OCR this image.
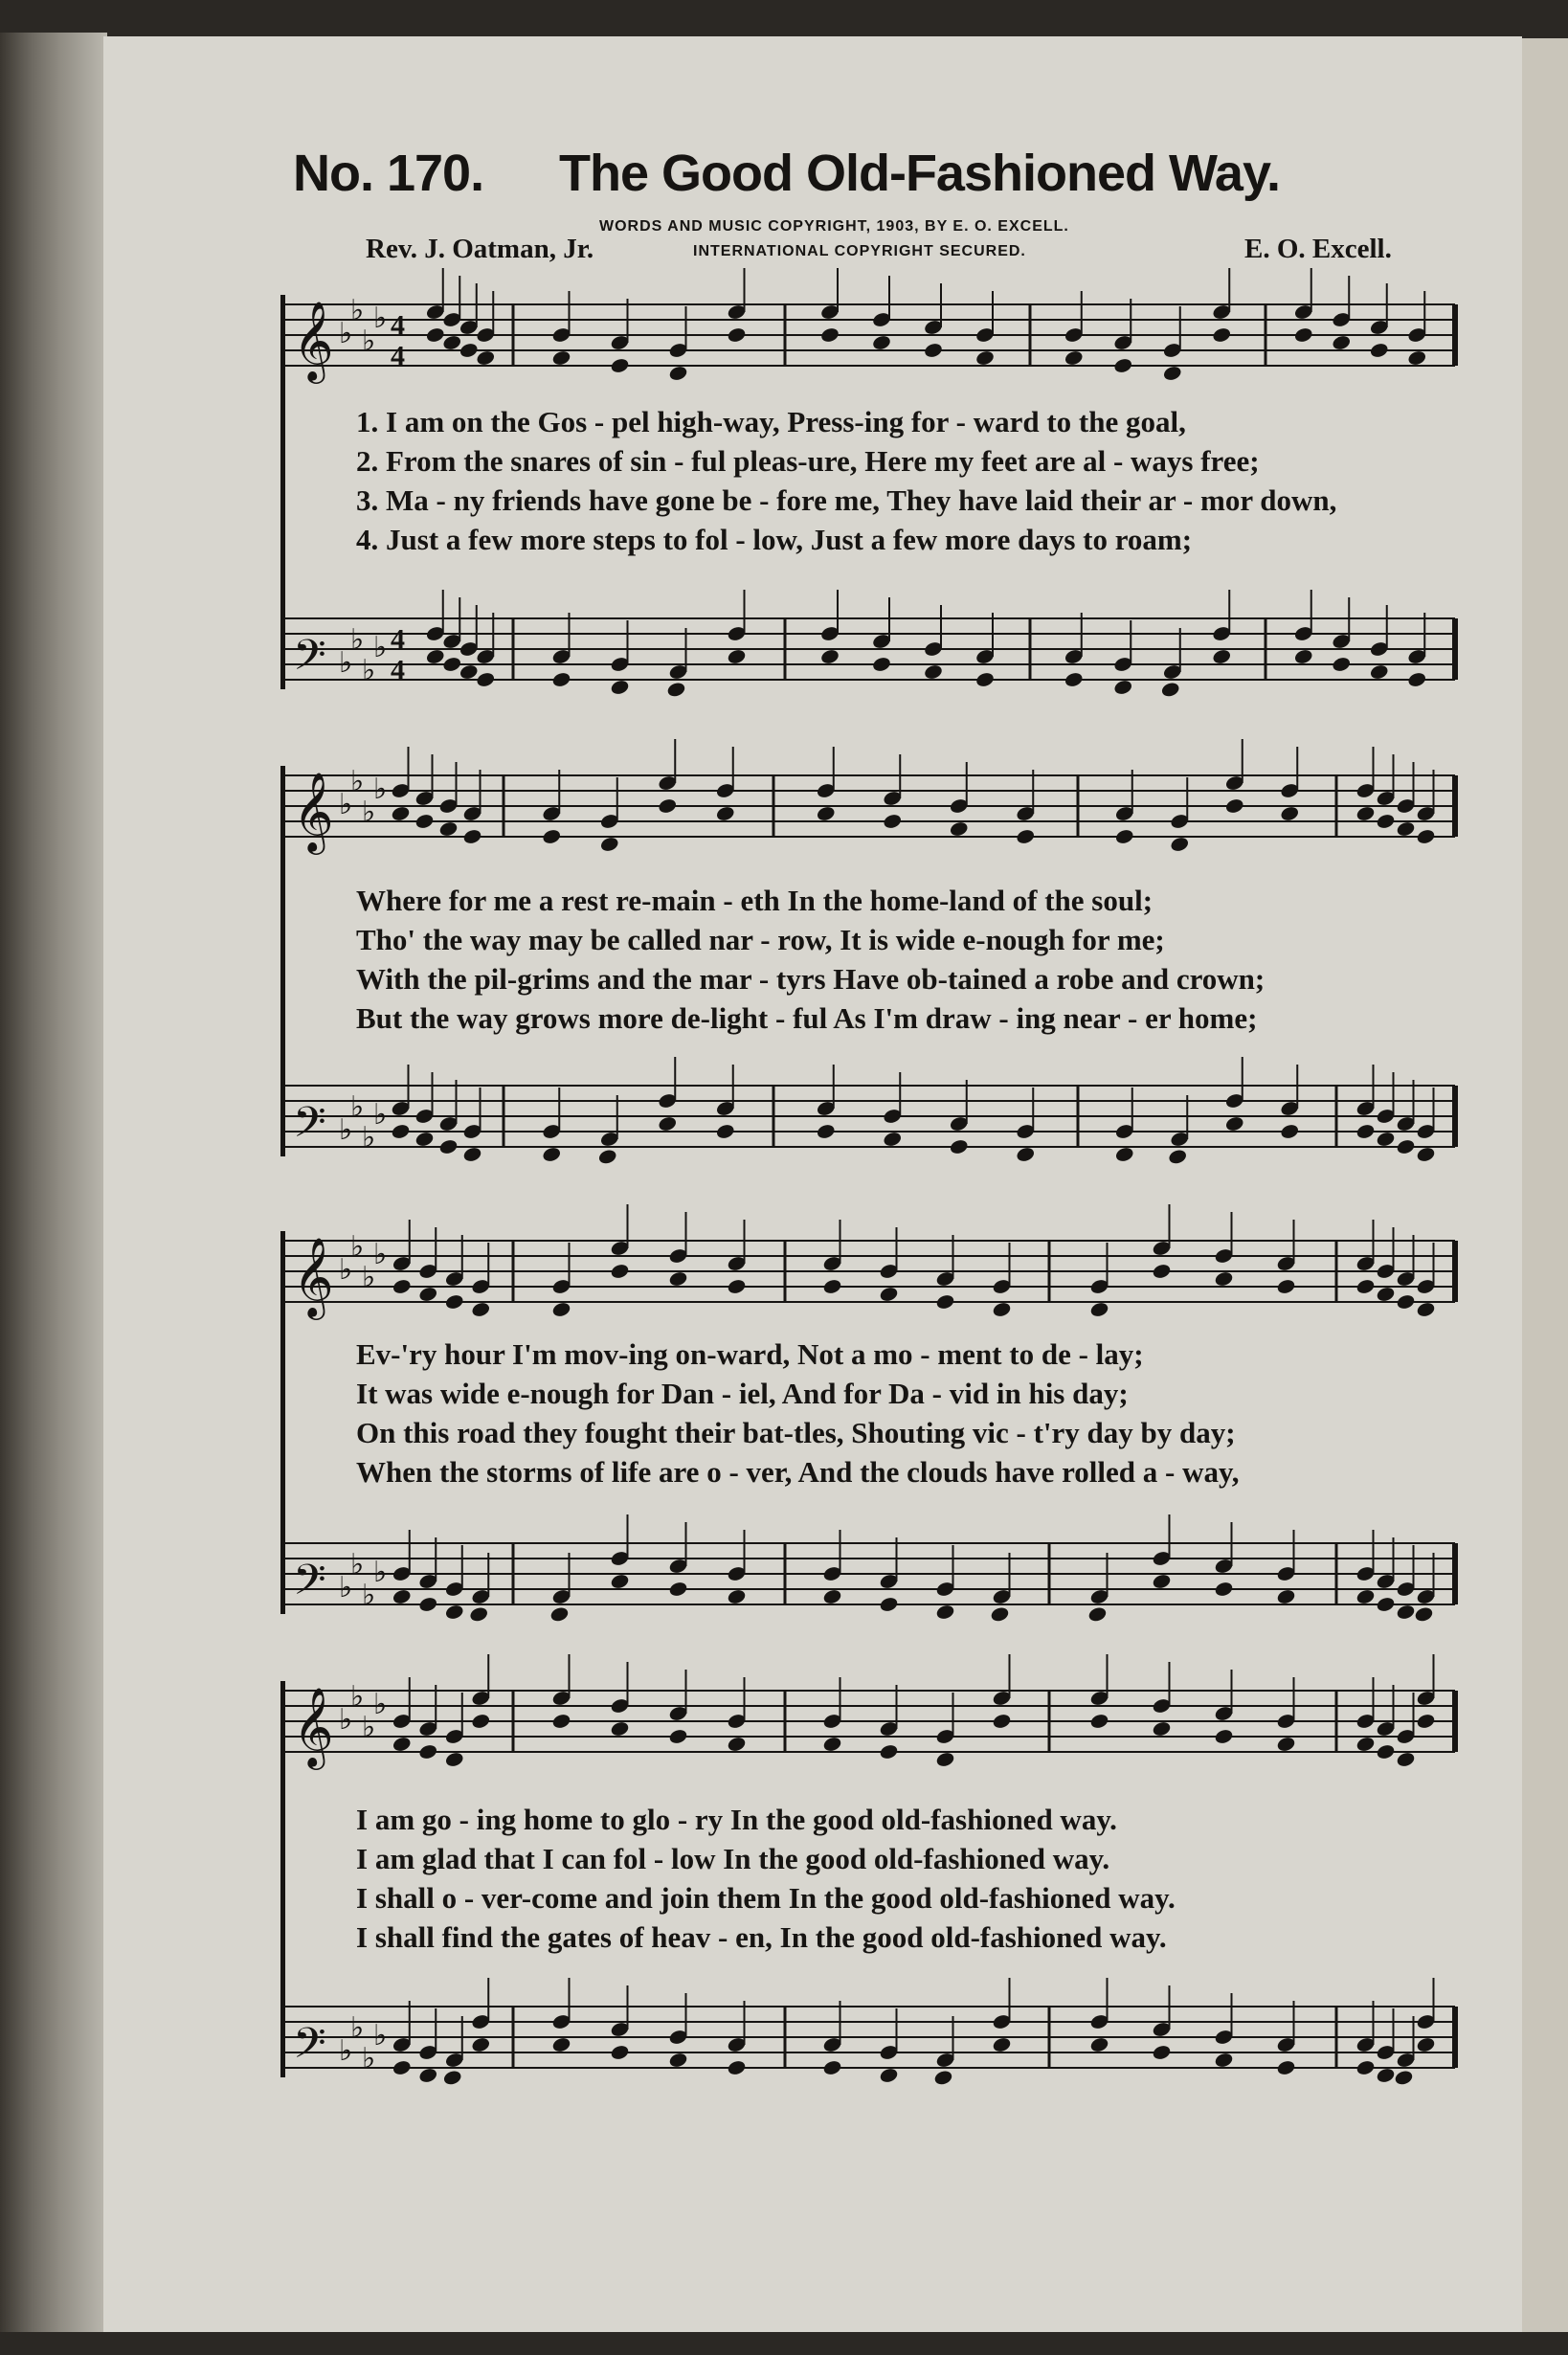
No. 170. The Good Old-Fashioned Way.
WORDS AND MUSIC COPYRIGHT, 1903, BY E. O. EXCELL.
Rev. J. Oatman, Jr.	INTERNATIONAL COPYRIGHT SECURED.	E. O. Excell.
𝄞 ♭
♭
♭
♭ 4
4
1. I am on the Gos - pel high-way, Press-ing for - ward to the goal,
2. From the snares of sin - ful pleas-ure, Here my feet are al - ways free;
3. Ma - ny friends have gone be - fore me, They have laid their ar - mor down,
4. Just a few more steps to fol - low, Just a few more days to roam;
𝄢 ♭
♭
♭
♭ 4
4
𝄞 ♭
♭
♭
♭
Where for me a rest re-main - eth In the home-land of the soul;
Tho' the way may be called nar - row, It is wide e-nough for me;
With the pil-grims and the mar - tyrs Have ob-tained a robe and crown;
But the way grows more de-light - ful As I'm draw - ing near - er home;
𝄢 ♭
♭
♭
♭
𝄞 ♭
♭
♭
♭
Ev-'ry hour I'm mov-ing on-ward, Not a mo - ment to de - lay;
It was wide e-nough for Dan - iel, And for Da - vid in his day;
On this road they fought their bat-tles, Shouting vic - t'ry day by day;
When the storms of life are o - ver, And the clouds have rolled a - way,
𝄢 ♭
♭
♭
♭
𝄞 ♭
♭
♭
♭
I am go - ing home to glo - ry In the good old-fashioned way.
I am glad that I can fol - low In the good old-fashioned way.
I shall o - ver-come and join them In the good old-fashioned way.
I shall find the gates of heav - en, In the good old-fashioned way.
𝄢 ♭
♭
♭
♭
